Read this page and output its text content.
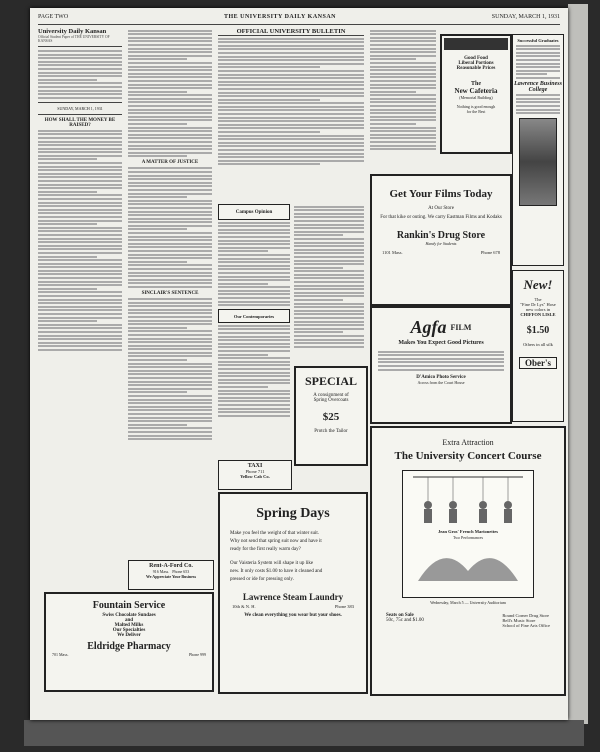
PAGE TWO	THE UNIVERSITY DAILY KANSAN	SUNDAY, MARCH 1, 1931
University Daily Kansan
Official Student Paper of THE UNIVERSITY OF KANSAS
SUNDAY, MARCH 1, 1931
HOW SHALL THE MONEY BE RAISED?
A MATTER OF JUSTICE
SINCLAIR'S SENTENCE
Rent-A-Ford Co.
916 Mass. Phone 653
We Appreciate Your Business
Fountain Service
Swiss Chocolate Sundaes
and
Malted Milks
Our Specialties
We Deliver
Eldridge Pharmacy
701 Mass.	Phone 999
OFFICIAL UNIVERSITY BULLETIN
Campus Opinion
Our Contemporaries
TAXI
Phone 711
Yellow Cab Co.
SPECIAL
A consignment of
Spring Overcoats
$25
Protch the Tailor
Spring Days
Make you feel the weight of that winter suit.
Why not send that spring suit now and have it
ready for the first really warm day?
Our Vaisteria System will shape it up like
new. It only costs $1.00 to have it cleaned and
pressed or ide for pressing only.
Lawrence Steam Laundry
10th & N. H.	Phone 383
We clean everything you wear but your shoes.
Good Food
Liberal Portions
Reasonable Prices
The
New Cafeteria
(Memorial Building)
Nothing is good enough
for the Best
Successful Graduates
Lawrence Business College
Get Your Films Today
At Our Store
For that kike or outing. We carry Eastman Films and Kodaks
Rankin's Drug Store
Handy for Students
1101 Mass.	Phone 678
Agfa FILM
Makes You Expect Good Pictures
D'Amico Photo Service
Across from the Court House
New!
The
"Fine Dr Lys" Hose
new colors in
CHIFFON LISLE
$1.50
Others in all silk
Ober's
Extra Attraction
The University Concert Course
Jean Gros' French Marionettes
Two Performances
Wednesday, March 5 — University Auditorium
Seats on Sale
50c, 75c and $1.00
Round Corner Drug Store
Bell's Music Store
School of Fine Arts Office
